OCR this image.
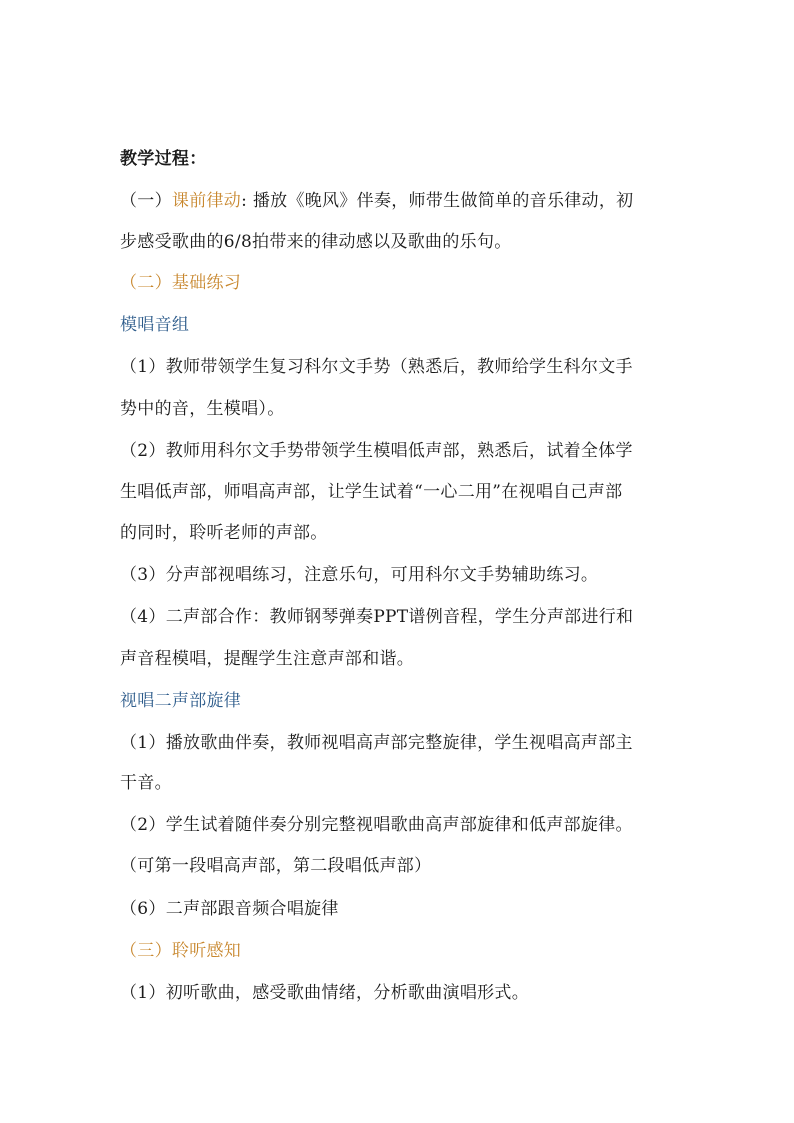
教学过程：
（一）课前律动: 播放《晚风》伴奏，师带生做简单的音乐律动，初
步感受歌曲的6/8拍带来的律动感以及歌曲的乐句。
（二）基础练习
模唱音组
（1）教师带领学生复习科尔文手势（熟悉后，教师给学生科尔文手
势中的音，生模唱）。
（2）教师用科尔文手势带领学生模唱低声部，熟悉后，试着全体学
生唱低声部，师唱高声部，让学生试着“一心二用”在视唱自己声部
的同时，聆听老师的声部。
（3）分声部视唱练习，注意乐句，可用科尔文手势辅助练习。
（4）二声部合作：教师钢琴弹奏PPT谱例音程，学生分声部进行和
声音程模唱，提醒学生注意声部和谐。
视唱二声部旋律
（1）播放歌曲伴奏，教师视唱高声部完整旋律，学生视唱高声部主
干音。
（2）学生试着随伴奏分别完整视唱歌曲高声部旋律和低声部旋律。
（可第一段唱高声部，第二段唱低声部）
（6）二声部跟音频合唱旋律
（三）聆听感知
（1）初听歌曲，感受歌曲情绪，分析歌曲演唱形式。
